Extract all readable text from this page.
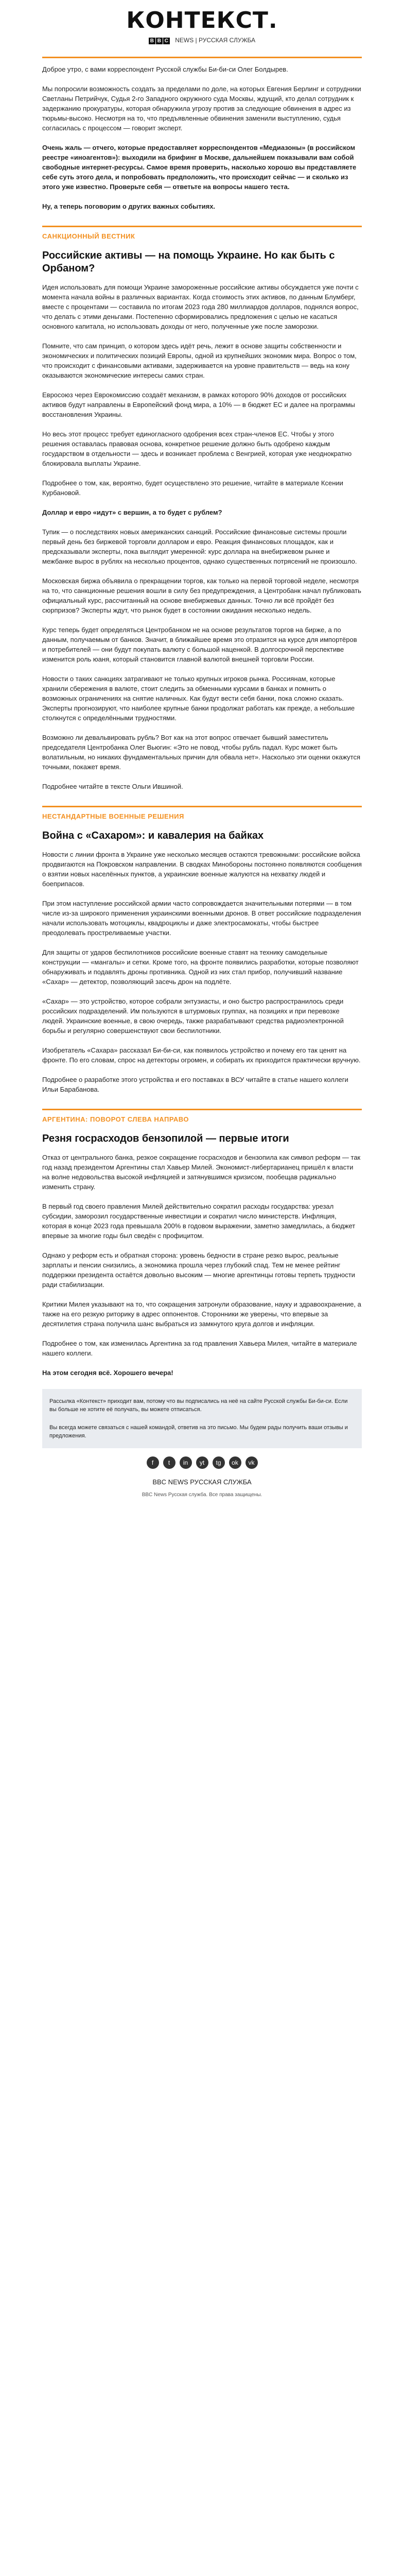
КОНТЕКСТ.
B B C NEWS | РУССКАЯ СЛУЖБА

Доброе утро, с вами корреспондент Русской службы Би-би-си Олег Болдырев.

Мы попросили возможность создать за пределами по доле, на которых Евгения Берлинг и сотрудники Светланы Петрийчук, Судья 2-го Западного окружного суда Москвы, ждущий, кто делал сотрудник к задержанию прокуратуры, которая обнаружила угрозу против за следующие обвинения в адрес из тюрьмы-высоко. Несмотря на то, что предъявленные обвинения заменили выступлению, судья согласилась с процессом — говорит эксперт.

Очень жаль — отчего, которые предоставляет корреспондентов «Медиазоны» (в российском реестре «иноагентов»): выходили на брифинг в Москве, дальнейшем показывали вам собой свободные интернет-ресурсы. Самое время проверить, насколько хорошо вы представляете себе суть этого дела, и попробовать предположить, что происходит сейчас — и сколько из этого уже известно. Проверьте себя — ответьте на вопросы нашего теста.

Ну, а теперь поговорим о других важных событиях.

САНКЦИОННЫЙ ВЕСТНИК
Российские активы — на помощь Украине. Но как быть с Орбаном?

Идея использовать для помощи Украине замороженные российские активы обсуждается уже почти с момента начала войны в различных вариантах. Когда стоимость этих активов, по данным Блумберг, вместе с процентами — составила по итогам 2023 года 280 миллиардов долларов, поднялся вопрос, что делать с этими деньгами. Постепенно сформировались предложения с целью не касаться основного капитала, но использовать доходы от него, полученные уже после заморозки.

Помните, что сам принцип, о котором здесь идёт речь, лежит в основе защиты собственности и экономических и политических позиций Европы, одной из крупнейших экономик мира. Вопрос о том, что происходит с финансовыми активами, задерживается на уровне правительств — ведь на кону оказываются экономические интересы самих стран.

Евросоюз через Еврокомиссию создаёт механизм, в рамках которого 90% доходов от российских активов будут направлены в Европейский фонд мира, а 10% — в бюджет ЕС и далее на программы восстановления Украины.

Но весь этот процесс требует единогласного одобрения всех стран-членов ЕС. Чтобы у этого решения оставалась правовая основа, конкретное решение должно быть одобрено каждым государством в отдельности — здесь и возникает проблема с Венгрией, которая уже неоднократно блокировала выплаты Украине.

Подробнее о том, как, вероятно, будет осуществлено это решение, читайте в материале Ксении Курбановой.

Доллар и евро «идут» с вершин, а то будет с рублем?

Тупик — о последствиях новых американских санкций. Российские финансовые системы прошли первый день без биржевой торговли долларом и евро. Реакция финансовых площадок, как и предсказывали эксперты, пока выглядит умеренной: курс доллара на внебиржевом рынке и межбанке вырос в рублях на несколько процентов, однако существенных потрясений не произошло.

Московская биржа объявила о прекращении торгов, как только на первой торговой неделе, несмотря на то, что санкционные решения вошли в силу без предупреждения, а Центробанк начал публиковать официальный курс, рассчитанный на основе внебиржевых данных. Точно ли всё пройдёт без сюрпризов? Эксперты ждут, что рынок будет в состоянии ожидания несколько недель.

Курс теперь будет определяться Центробанком не на основе результатов торгов на бирже, а по данным, получаемым от банков. Значит, в ближайшее время это отразится на курсе для импортёров и потребителей — они будут покупать валюту с большой наценкой. В долгосрочной перспективе изменится роль юаня, который становится главной валютой внешней торговли России.

Новости о таких санкциях затрагивают не только крупных игроков рынка. Россиянам, которые хранили сбережения в валюте, стоит следить за обменными курсами в банках и помнить о возможных ограничениях на снятие наличных. Как будут вести себя банки, пока сложно сказать. Эксперты прогнозируют, что наиболее крупные банки продолжат работать как прежде, а небольшие столкнутся с определёнными трудностями.

Возможно ли девальвировать рубль? Вот как на этот вопрос отвечает бывший заместитель председателя Центробанка Олег Вьюгин: «Это не повод, чтобы рубль падал. Курс может быть волатильным, но никаких фундаментальных причин для обвала нет». Насколько эти оценки окажутся точными, покажет время.

Подробнее читайте в тексте Ольги Ившиной.

НЕСТАНДАРТНЫЕ ВОЕННЫЕ РЕШЕНИЯ
Война с «Сахаром»: и кавалерия на байках

Новости с линии фронта в Украине уже несколько месяцев остаются тревожными: российские войска продвигаются на Покровском направлении. В сводках Минобороны постоянно появляются сообщения о взятии новых населённых пунктов, а украинские военные жалуются на нехватку людей и боеприпасов.

При этом наступление российской армии часто сопровождается значительными потерями — в том числе из-за широкого применения украинскими военными дронов. В ответ российские подразделения начали использовать мотоциклы, квадроциклы и даже электросамокаты, чтобы быстрее преодолевать простреливаемые участки.

Для защиты от ударов беспилотников российские военные ставят на технику самодельные конструкции — «мангалы» и сетки. Кроме того, на фронте появились разработки, которые позволяют обнаруживать и подавлять дроны противника. Одной из них стал прибор, получивший название «Сахар» — детектор, позволяющий засечь дрон на подлёте.

«Сахар» — это устройство, которое собрали энтузиасты, и оно быстро распространилось среди российских подразделений. Им пользуются в штурмовых группах, на позициях и при перевозке людей. Украинские военные, в свою очередь, также разрабатывают средства радиоэлектронной борьбы и регулярно совершенствуют свои беспилотники.

Изобретатель «Сахара» рассказал Би-би-си, как появилось устройство и почему его так ценят на фронте. По его словам, спрос на детекторы огромен, и собирать их приходится практически вручную.

Подробнее о разработке этого устройства и его поставках в ВСУ читайте в статье нашего коллеги Ильи Барабанова.

АРГЕНТИНА: ПОВОРОТ СЛЕВА НАПРАВО
Резня госрасходов бензопилой — первые итоги

Отказ от центрального банка, резкое сокращение госрасходов и бензопила как символ реформ — так год назад президентом Аргентины стал Хавьер Милей. Экономист-либертарианец пришёл к власти на волне недовольства высокой инфляцией и затянувшимся кризисом, пообещав радикально изменить страну.

В первый год своего правления Милей действительно сократил расходы государства: урезал субсидии, заморозил государственные инвестиции и сократил число министерств. Инфляция, которая в конце 2023 года превышала 200% в годовом выражении, заметно замедлилась, а бюджет впервые за многие годы был сведён с профицитом.

Однако у реформ есть и обратная сторона: уровень бедности в стране резко вырос, реальные зарплаты и пенсии снизились, а экономика прошла через глубокий спад. Тем не менее рейтинг поддержки президента остаётся довольно высоким — многие аргентинцы готовы терпеть трудности ради стабилизации.

Критики Милея указывают на то, что сокращения затронули образование, науку и здравоохранение, а также на его резкую риторику в адрес оппонентов. Сторонники же уверены, что впервые за десятилетия страна получила шанс выбраться из замкнутого круга долгов и инфляции.

Подробнее о том, как изменилась Аргентина за год правления Хавьера Милея, читайте в материале нашего коллеги.

На этом сегодня всё. Хорошего вечера!

Рассылка «Контекст» приходит вам, потому что вы подписались на неё на сайте Русской службы Би-би-си. Если вы больше не хотите её получать, вы можете отписаться.

Вы всегда можете связаться с нашей командой, ответив на это письмо. Мы будем рады получить ваши отзывы и предложения.

f	t	in	yt	tg	ok	vk
BBC NEWS РУССКАЯ СЛУЖБА
BBC News Русская служба. Все права защищены.
